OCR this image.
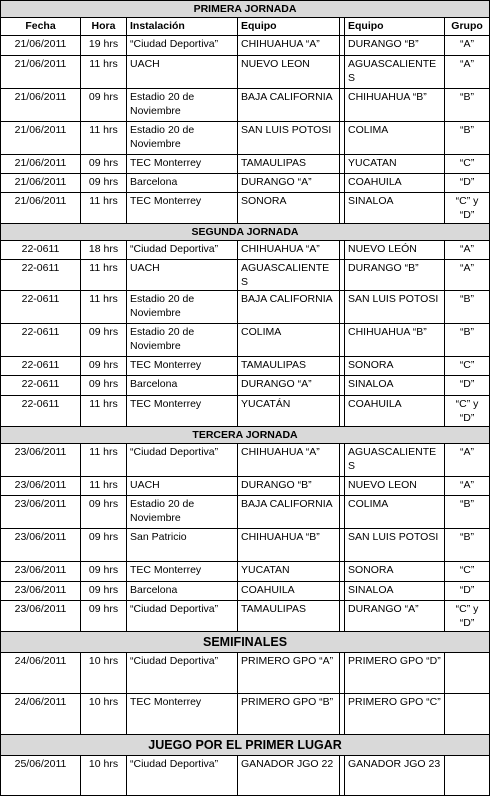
PRIMERA JORNADA						
Fecha	Hora	Instalación	Equipo		Equipo	Grupo
21/06/2011	19 hrs	“Ciudad Deportiva”	CHIHUAHUA “A”		DURANGO “B”	“A”
21/06/2011	11 hrs	UACH	NUEVO LEON		AGUASCALIENTES	“A”
21/06/2011	09 hrs	Estadio 20 de Noviembre	BAJA CALIFORNIA		CHIHUAHUA “B”	“B”
21/06/2011	11 hrs	Estadio 20 de Noviembre	SAN LUIS POTOSI		COLIMA	“B”
21/06/2011	09 hrs	TEC Monterrey	TAMAULIPAS		YUCATAN	“C”
21/06/2011	09 hrs	Barcelona	DURANGO “A”		COAHUILA	“D”
21/06/2011	11 hrs	TEC Monterrey	SONORA		SINALOA	“C” y “D”
SEGUNDA JORNADA						
22-0611	18 hrs	“Ciudad Deportiva”	CHIHUAHUA “A”		NUEVO LEÓN	“A”
22-0611	11 hrs	UACH	AGUASCALIENTES		DURANGO “B”	“A”
22-0611	11 hrs	Estadio 20 de Noviembre	BAJA CALIFORNIA		SAN LUIS POTOSI	“B”
22-0611	09 hrs	Estadio 20 de Noviembre	COLIMA		CHIHUAHUA “B”	“B”
22-0611	09 hrs	TEC Monterrey	TAMAULIPAS		SONORA	“C”
22-0611	09 hrs	Barcelona	DURANGO “A”		SINALOA	“D”
22-0611	11 hrs	TEC Monterrey	YUCATÁN		COAHUILA	“C” y “D”
TERCERA JORNADA						
23/06/2011	11 hrs	“Ciudad Deportiva”	CHIHUAHUA “A”		AGUASCALIENTES	“A”
23/06/2011	11 hrs	UACH	DURANGO “B”		NUEVO LEON	“A”
23/06/2011	09 hrs	Estadio 20 de Noviembre	BAJA CALIFORNIA		COLIMA	“B”
23/06/2011	09 hrs	San Patricio	CHIHUAHUA “B”		SAN LUIS POTOSI	“B”
23/06/2011	09 hrs	TEC Monterrey	YUCATAN		SONORA	“C”
23/06/2011	09 hrs	Barcelona	COAHUILA		SINALOA	“D”
23/06/2011	09 hrs	“Ciudad Deportiva”	TAMAULIPAS		DURANGO “A”	“C” y “D”
SEMIFINALES						
24/06/2011	10 hrs	“Ciudad Deportiva”	PRIMERO GPO “A”		PRIMERO GPO “D”	
24/06/2011	10 hrs	TEC Monterrey	PRIMERO GPO “B”		PRIMERO GPO “C”	
JUEGO POR EL PRIMER LUGAR						
25/06/2011	10 hrs	“Ciudad Deportiva”	GANADOR JGO 22		GANADOR JGO 23	
